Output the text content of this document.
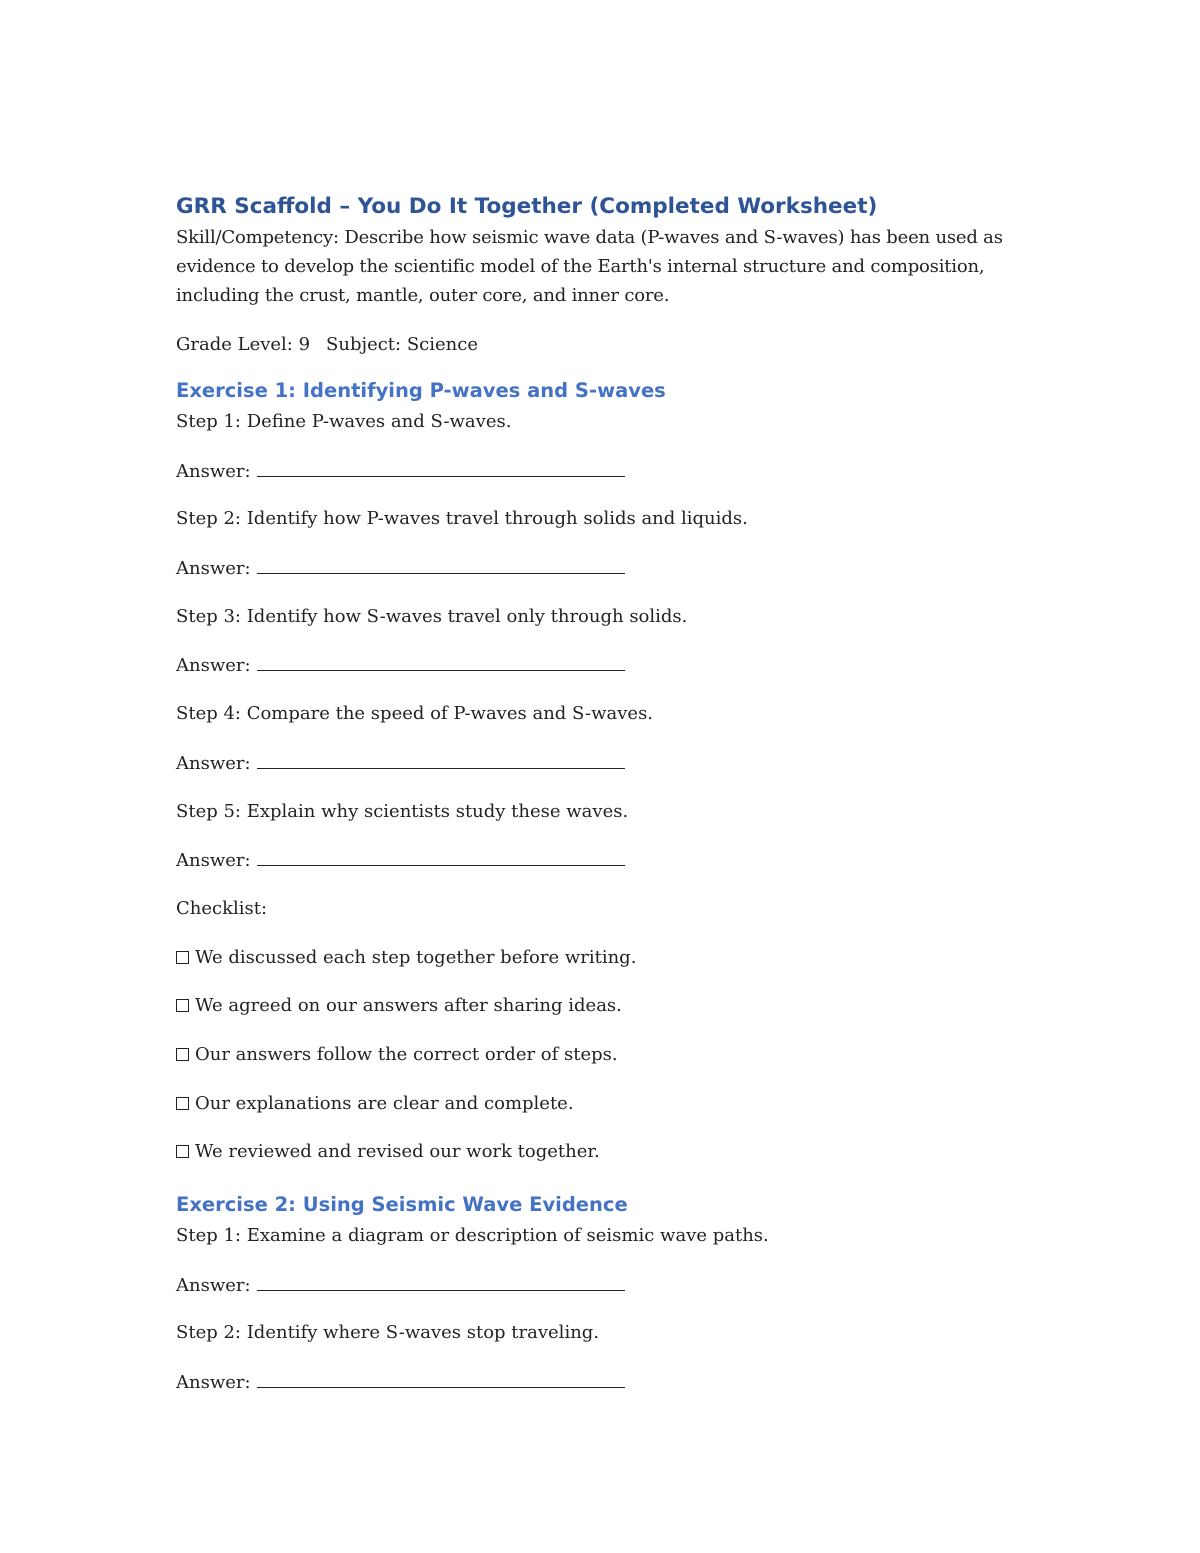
GRR Scaffold – You Do It Together (Completed Worksheet)

Skill/Competency: Describe how seismic wave data (P-waves and S-waves) has been used as evidence to develop the scientific model of the Earth's internal structure and composition, including the crust, mantle, outer core, and inner core.

Grade Level: 9 Subject: Science

Exercise 1: Identifying P-waves and S-waves
Step 1: Define P-waves and S-waves.
Answer:
Step 2: Identify how P-waves travel through solids and liquids.
Answer:
Step 3: Identify how S-waves travel only through solids.
Answer:
Step 4: Compare the speed of P-waves and S-waves.
Answer:
Step 5: Explain why scientists study these waves.
Answer:
Checklist:
We discussed each step together before writing.
We agreed on our answers after sharing ideas.
Our answers follow the correct order of steps.
Our explanations are clear and complete.
We reviewed and revised our work together.
Exercise 2: Using Seismic Wave Evidence
Step 1: Examine a diagram or description of seismic wave paths.
Answer:
Step 2: Identify where S-waves stop traveling.
Answer:
